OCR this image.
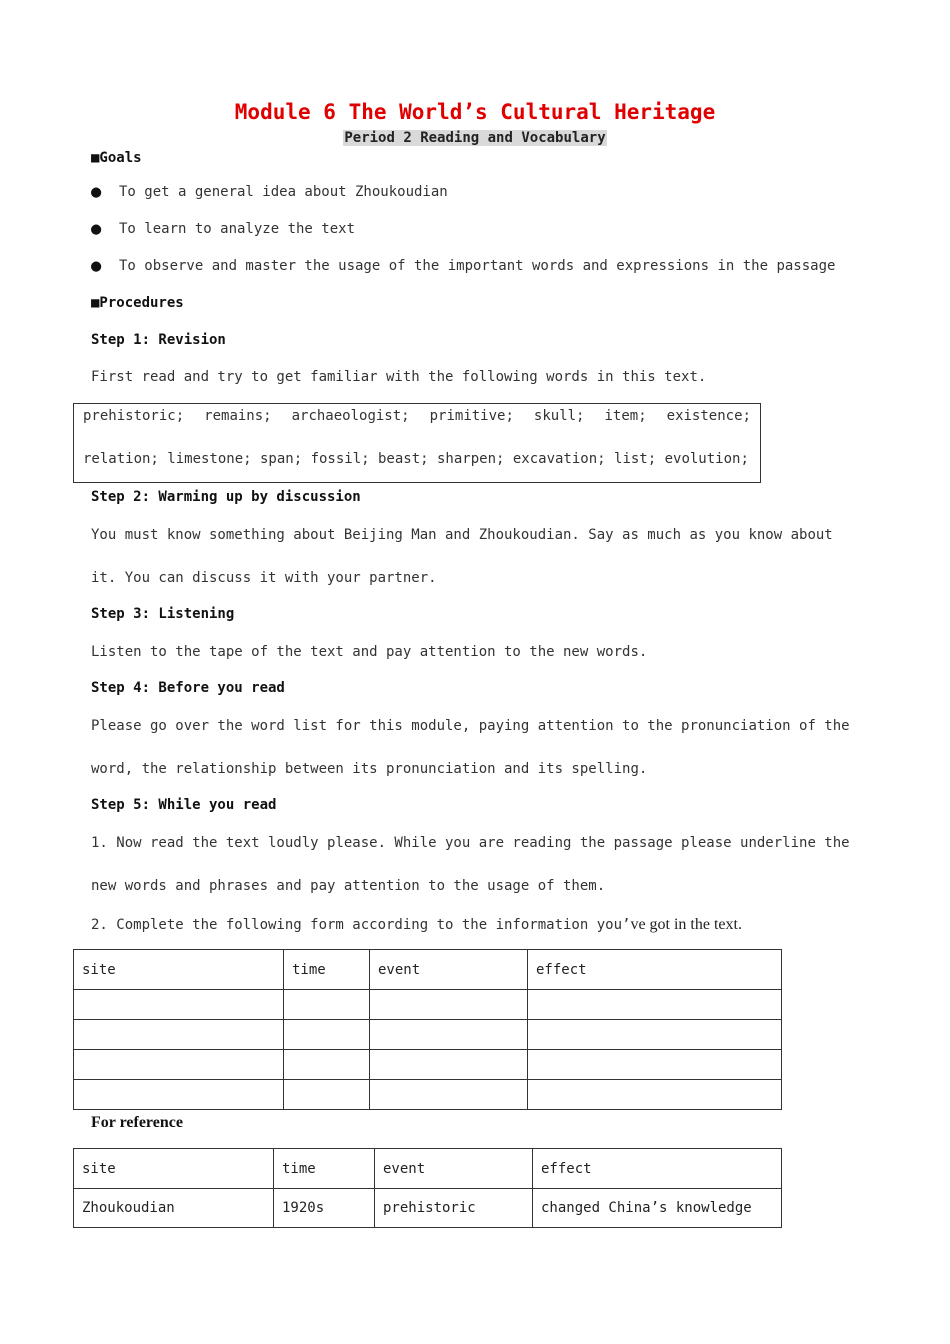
Module 6 The World’s Cultural Heritage
Period 2 Reading and Vocabulary
■Goals
● To get a general idea about Zhoukoudian
● To learn to analyze the text
● To observe and master the usage of the important words and expressions in the passage
■Procedures
Step 1: Revision
First read and try to get familiar with the following words in this text.
prehistoric; remains; archaeologist; primitive; skull; item; existence;
relation; limestone; span; fossil; beast; sharpen; excavation; list; evolution;
Step 2: Warming up by discussion
You must know something about Beijing Man and Zhoukoudian. Say as much as you know about
it. You can discuss it with your partner.
Step 3: Listening
Listen to the tape of the text and pay attention to the new words.
Step 4: Before you read
Please go over the word list for this module, paying attention to the pronunciation of the
word, the relationship between its pronunciation and its spelling.
Step 5: While you read
1. Now read the text loudly please. While you are reading the passage please underline the
new words and phrases and pay attention to the usage of them.
2. Complete the following form according to the information you’ve got in the text.
site	time	event	effect

For reference
site	time	event	effect
Zhoukoudian	1920s	prehistoric	changed China’s knowledge
